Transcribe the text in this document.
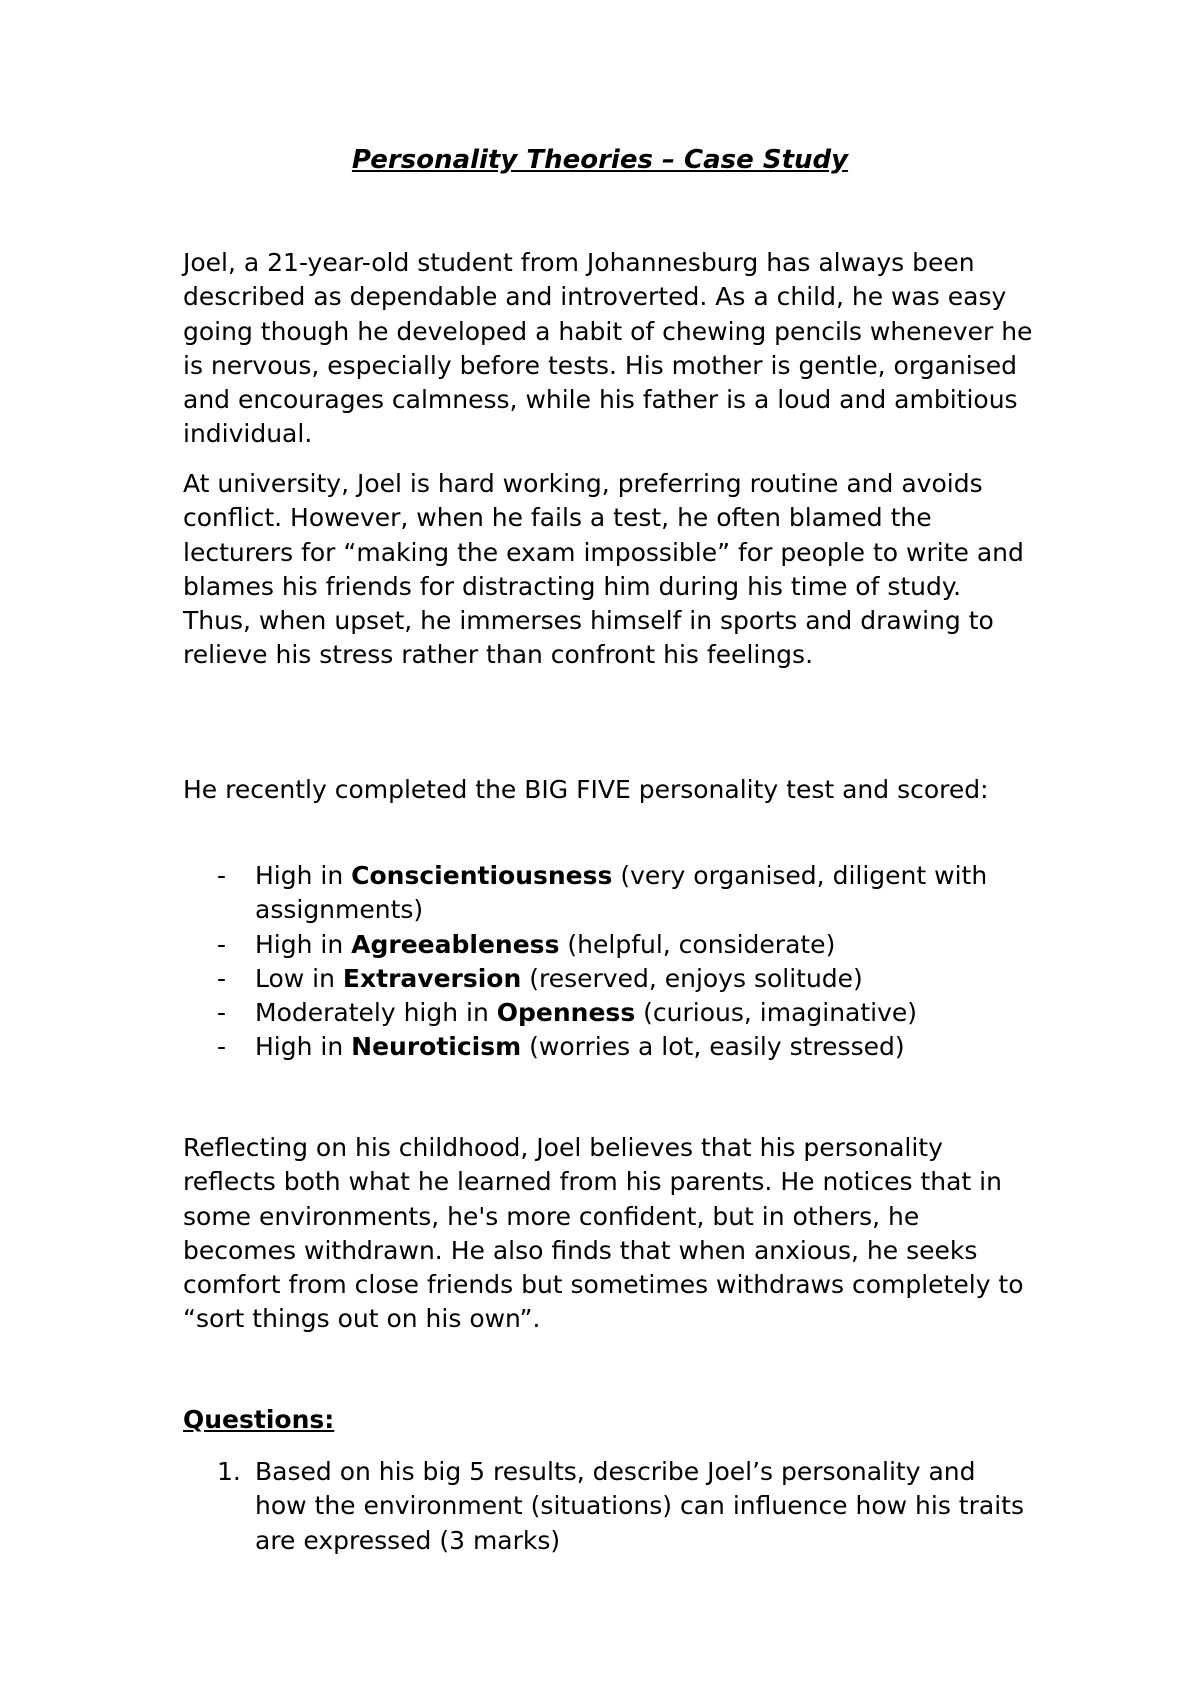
Personality Theories – Case Study

Joel, a 21-year-old student from Johannesburg has always been described as dependable and introverted. As a child, he was easy going though he developed a habit of chewing pencils whenever he is nervous, especially before tests. His mother is gentle, organised and encourages calmness, while his father is a loud and ambitious individual.

At university, Joel is hard working, preferring routine and avoids conflict. However, when he fails a test, he often blamed the lecturers for “making the exam impossible” for people to write and blames his friends for distracting him during his time of study. Thus, when upset, he immerses himself in sports and drawing to relieve his stress rather than confront his feelings.

He recently completed the BIG FIVE personality test and scored:

- High in Conscientiousness (very organised, diligent with assignments)
- High in Agreeableness (helpful, considerate)
- Low in Extraversion (reserved, enjoys solitude)
- Moderately high in Openness (curious, imaginative)
- High in Neuroticism (worries a lot, easily stressed)

Reflecting on his childhood, Joel believes that his personality reflects both what he learned from his parents. He notices that in some environments, he's more confident, but in others, he becomes withdrawn. He also finds that when anxious, he seeks comfort from close friends but sometimes withdraws completely to “sort things out on his own”.

Questions:
1. Based on his big 5 results, describe Joel’s personality and how the environment (situations) can influence how his traits are expressed (3 marks)
